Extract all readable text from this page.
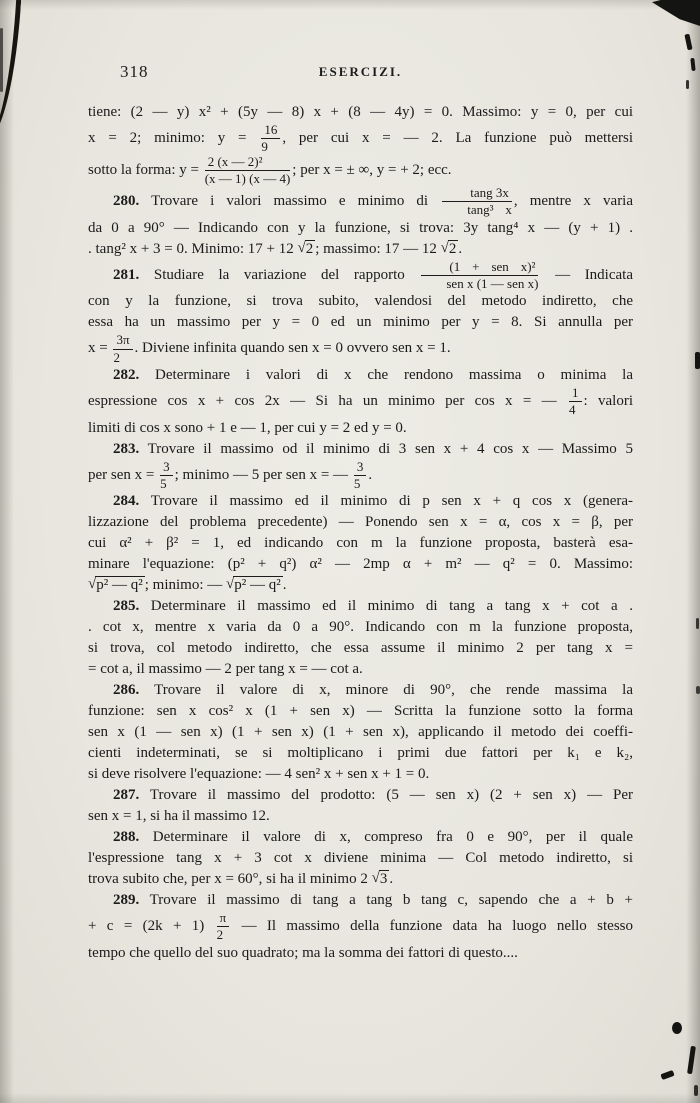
318	ESERCIZI.
tiene: (2 — y) x² + (5y — 8) x + (8 — 4y) = 0. Massimo: y = 0, per cui
x = 2; minimo: $y = \frac{16}{9}$ , per cui x = — 2. La funzione può mettersi
sotto la forma: $y = \frac{\text{2 (x — 2)²}}{(x — 1) (x — 4)}$ ; per x = ± ∞, y = + 2; ecc.
280. Trovare i valori massimo e minimo di $\frac{\tan g 3x}{\text{tang³ x}}$ , mentre x varia
da 0 a 90° — Indicando con y la funzione, si trova: 3y tang⁴ x — (y + 1) .
. tang² x + 3 = 0. Minimo: 17 + 12 √2 ; massimo: 17 — 12 √2 .
281. Studiare la variazione del rapporto $\frac{\text{(1 + sen x)²}}{\text{sen x (1 — sen x)}}$ — Indicata
con y la funzione, si trova subito, valendosi del metodo indiretto, che
essa ha un massimo per y = 0 ed un minimo per y = 8. Si annulla per
$x = \frac{3\pi}{2}$ . Diviene infinita quando sen x = 0 ovvero sen x = 1.
282. Determinare i valori di x che rendono massima o minima la
espressione cos x + cos 2x — Si ha un minimo per cos x = — $\frac{1}{4}$ : valori
limiti di cos x sono + 1 e — 1, per cui y = 2 ed y = 0.
283. Trovare il massimo od il minimo di 3 sen x + 4 cos x — Massimo 5
per sen $x = \frac{3}{5}$ ; minimo — 5 per sen x = — $\frac{3}{5}$ .
284. Trovare il massimo ed il minimo di p sen x + q cos x (genera-
lizzazione del problema precedente) — Ponendo sen x = α, cos x = β, per
cui α² + β² = 1, ed indicando con m la funzione proposta, basterà esa-
minare l'equazione: (p² + q²) α² — 2mp α + m² — q² = 0. Massimo:
√p² — q² ; minimo: — √p² — q² .
285. Determinare il massimo ed il minimo di tang a tang x + cot a .
. cot x, mentre x varia da 0 a 90°. Indicando con m la funzione proposta,
si trova, col metodo indiretto, che essa assume il minimo 2 per tang x =
= cot a, il massimo — 2 per tang x = — cot a.
286. Trovare il valore di x, minore di 90°, che rende massima la
funzione: sen x cos² x (1 + sen x) — Scritta la funzione sotto la forma
sen x (1 — sen x) (1 + sen x) (1 + sen x), applicando il metodo dei coeffi-
cienti indeterminati, se si moltiplicano i primi due fattori per k₁ e k₂,
si deve risolvere l'equazione: — 4 sen² x + sen x + 1 = 0.
287. Trovare il massimo del prodotto: (5 — sen x) (2 + sen x) — Per
sen x = 1, si ha il massimo 12.
288. Determinare il valore di x, compreso fra 0 e 90°, per il quale
l'espressione tang x + 3 cot x diviene minima — Col metodo indiretto, si
trova subito che, per x = 60°, si ha il minimo 2 √3 .
289. Trovare il massimo di tang a tang b tang c, sapendo che a + b +
+ $c = (2k + 1) \frac{\pi}{2}$ — Il massimo della funzione data ha luogo nello stesso
tempo che quello del suo quadrato; ma la somma dei fattori di questo....
